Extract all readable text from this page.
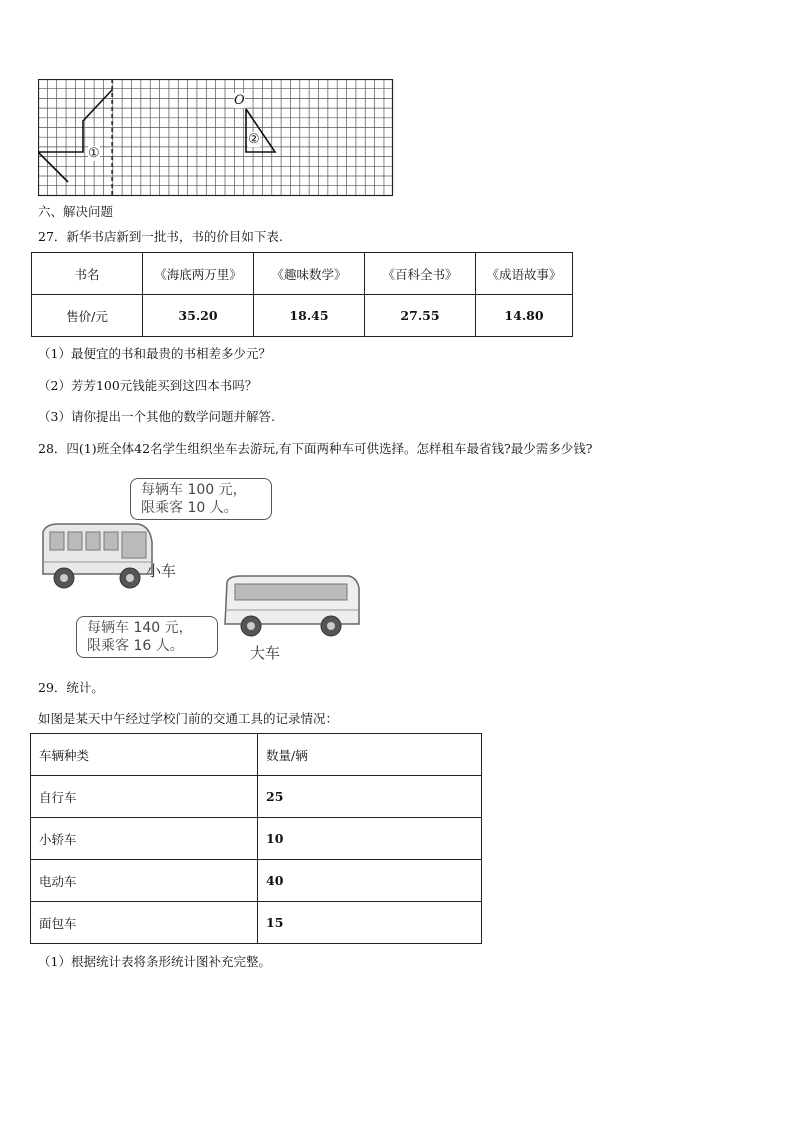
O
①
②
六、解决问题
27．新华书店新到一批书，书的价目如下表.
书名	《海底两万里》	《趣味数学》	《百科全书》	《成语故事》
售价/元	35.20	18.45	27.55	14.80
（1）最便宜的书和最贵的书相差多少元？
（2）芳芳100元钱能买到这四本书吗？
（3）请你提出一个其他的数学问题并解答.
28．四(1)班全体42名学生组织坐车去游玩,有下面两种车可供选择。怎样租车最省钱?最少需多少钱?
每辆车 100 元，
限乘客 10 人。
小车
每辆车 140 元，
限乘客 16 人。	大车
29．统计。
如图是某天中午经过学校门前的交通工具的记录情况：
车辆种类	数量/辆
自行车	25
小轿车	10
电动车	40
面包车	15
（1）根据统计表将条形统计图补充完整。
